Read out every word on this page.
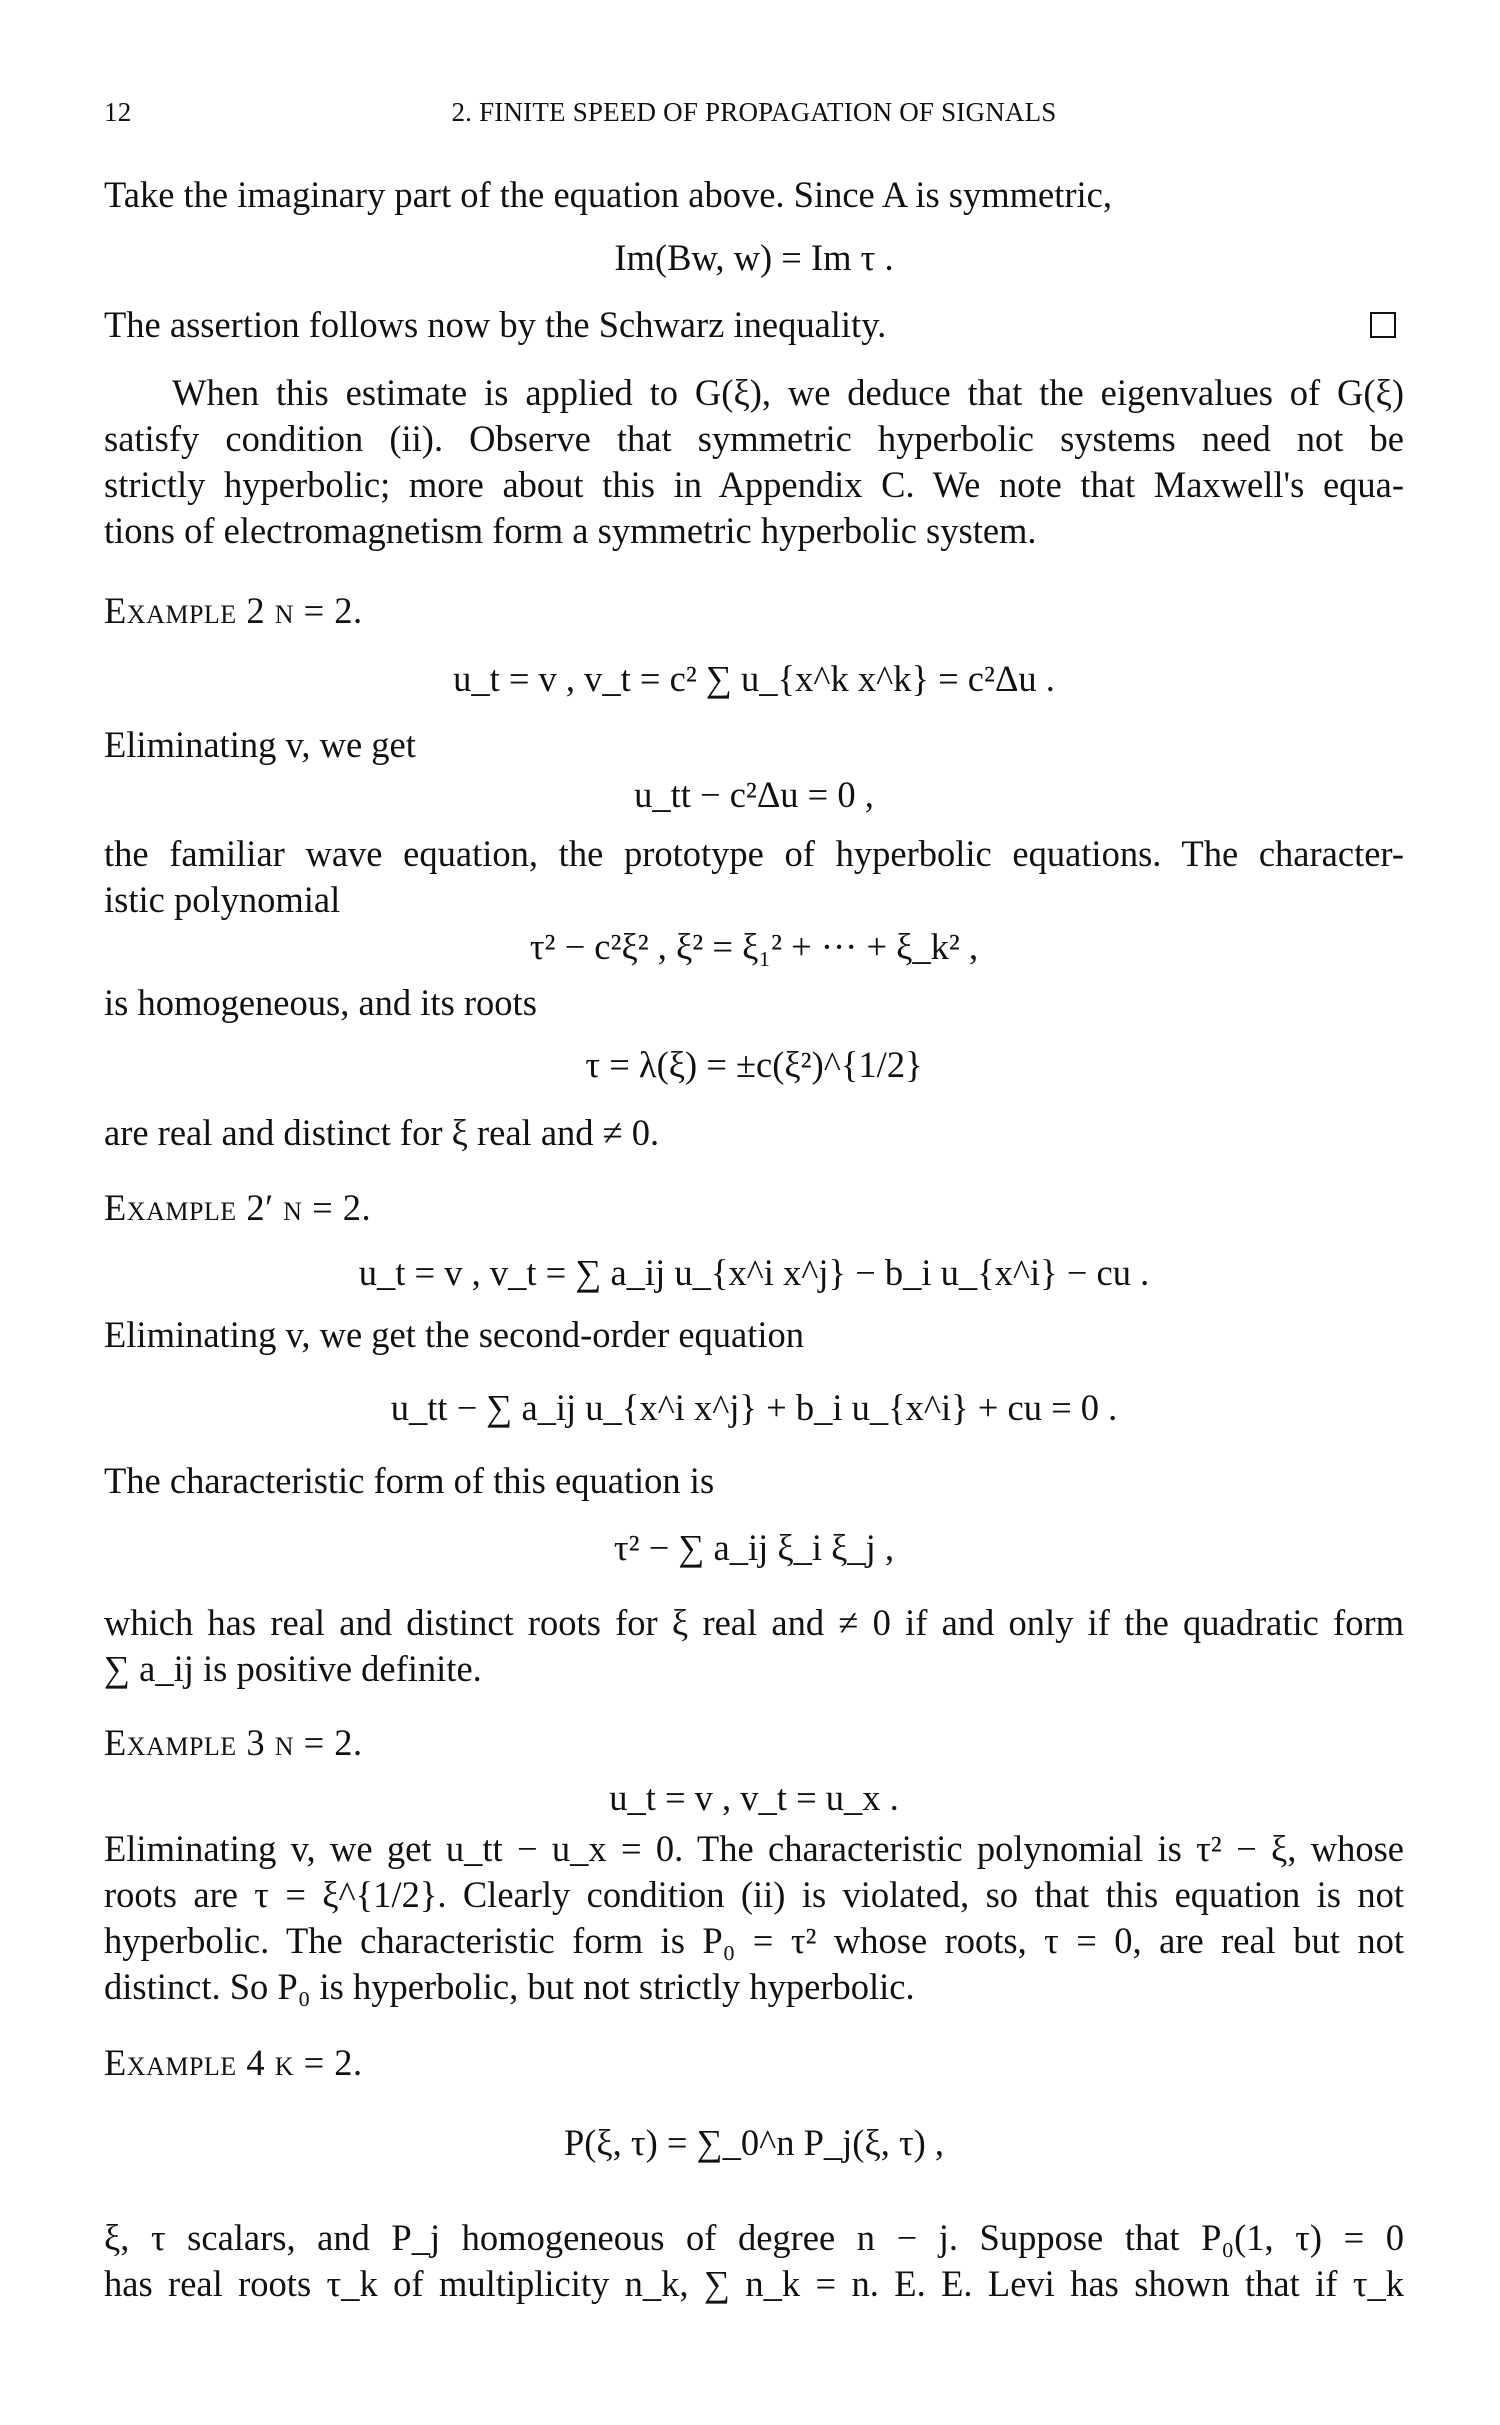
12	2. FINITE SPEED OF PROPAGATION OF SIGNALS
Take the imaginary part of the equation above. Since A is symmetric,
Im(Bw, w) = Im τ .
The assertion follows now by the Schwarz inequality.
When this estimate is applied to G(ξ), we deduce that the eigenvalues of G(ξ)
satisfy condition (ii). Observe that symmetric hyperbolic systems need not be
strictly hyperbolic; more about this in Appendix C. We note that Maxwell's equa-
tions of electromagnetism form a symmetric hyperbolic system.
Example 2 n = 2.
u_t = v , v_t = c² ∑ u_{x^k x^k} = c²Δu .
Eliminating v, we get
u_tt − c²Δu = 0 ,
the familiar wave equation, the prototype of hyperbolic equations. The character-
istic polynomial
τ² − c²ξ² , ξ² = ξ₁² + ··· + ξ_k² ,
is homogeneous, and its roots
τ = λ(ξ) = ±c(ξ²)^{1/2}
are real and distinct for ξ real and ≠ 0.
Example 2′ n = 2.
u_t = v , v_t = ∑ a_ij u_{x^i x^j} − b_i u_{x^i} − cu .
Eliminating v, we get the second-order equation
u_tt − ∑ a_ij u_{x^i x^j} + b_i u_{x^i} + cu = 0 .
The characteristic form of this equation is
τ² − ∑ a_ij ξ_i ξ_j ,
which has real and distinct roots for ξ real and ≠ 0 if and only if the quadratic form
∑ a_ij is positive definite.
Example 3 n = 2.
u_t = v , v_t = u_x .
Eliminating v, we get u_tt − u_x = 0. The characteristic polynomial is τ² − ξ, whose
roots are τ = ξ^{1/2}. Clearly condition (ii) is violated, so that this equation is not
hyperbolic. The characteristic form is P₀ = τ² whose roots, τ = 0, are real but not
distinct. So P₀ is hyperbolic, but not strictly hyperbolic.
Example 4 k = 2.
P(ξ, τ) = ∑_0^n P_j(ξ, τ) ,
ξ, τ scalars, and P_j homogeneous of degree n − j. Suppose that P₀(1, τ) = 0
has real roots τ_k of multiplicity n_k, ∑ n_k = n. E. E. Levi has shown that if τ_k
